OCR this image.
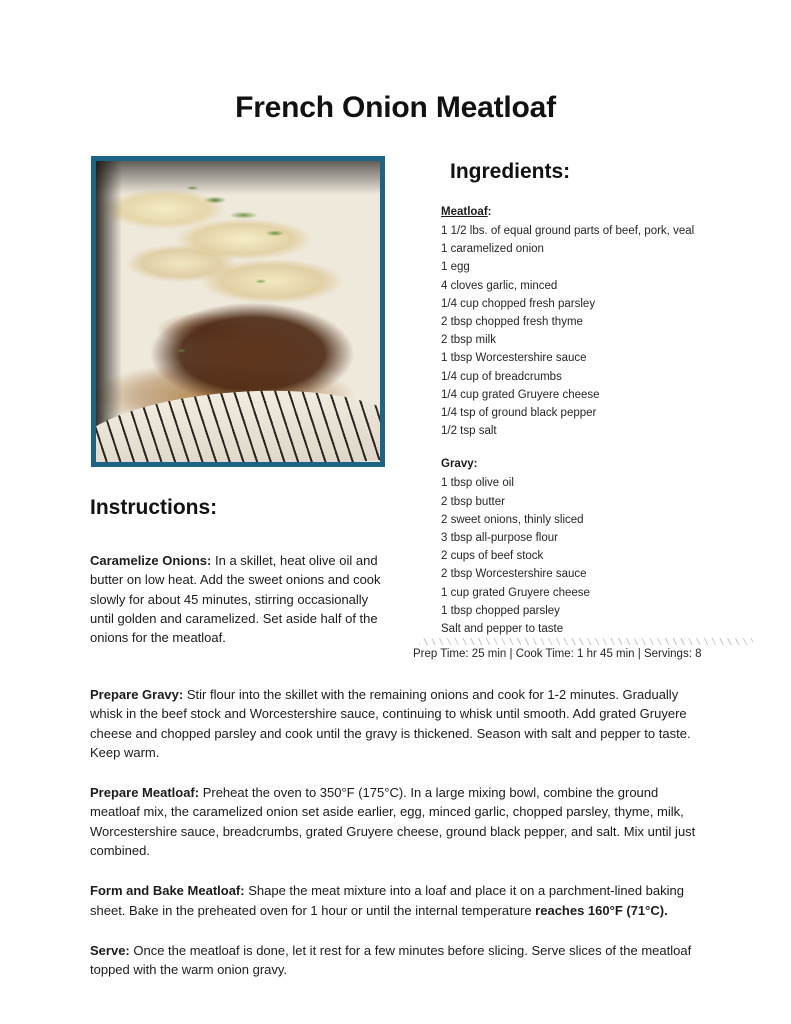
French Onion Meatloaf
Ingredients:
Meatloaf:
1 1/2 lbs. of equal ground parts of beef, pork, veal
1 caramelized onion
1 egg
4 cloves garlic, minced
1/4 cup chopped fresh parsley
2 tbsp chopped fresh thyme
2 tbsp milk
1 tbsp Worcestershire sauce
1/4 cup of breadcrumbs
1/4 cup grated Gruyere cheese
1/4 tsp of ground black pepper
1/2 tsp salt
Gravy:
1 tbsp olive oil
2 tbsp butter
2 sweet onions, thinly sliced
3 tbsp all-purpose flour
2 cups of beef stock
2 tbsp Worcestershire sauce
1 cup grated Gruyere cheese
1 tbsp chopped parsley
Salt and pepper to taste
Prep Time: 25 min | Cook Time: 1 hr 45 min | Servings: 8
Instructions:

Caramelize Onions: In a skillet, heat olive oil and butter on low heat. Add the sweet onions and cook slowly for about 45 minutes, stirring occasionally until golden and caramelized. Set aside half of the onions for the meatloaf.

Prepare Gravy: Stir flour into the skillet with the remaining onions and cook for 1-2 minutes. Gradually whisk in the beef stock and Worcestershire sauce, continuing to whisk until smooth. Add grated Gruyere cheese and chopped parsley and cook until the gravy is thickened. Season with salt and pepper to taste. Keep warm.

Prepare Meatloaf: Preheat the oven to 350°F (175°C). In a large mixing bowl, combine the ground meatloaf mix, the caramelized onion set aside earlier, egg, minced garlic, chopped parsley, thyme, milk, Worcestershire sauce, breadcrumbs, grated Gruyere cheese, ground black pepper, and salt. Mix until just combined.

Form and Bake Meatloaf: Shape the meat mixture into a loaf and place it on a parchment-lined baking sheet. Bake in the preheated oven for 1 hour or until the internal temperature reaches 160°F (71°C).

Serve: Once the meatloaf is done, let it rest for a few minutes before slicing. Serve slices of the meatloaf topped with the warm onion gravy.
